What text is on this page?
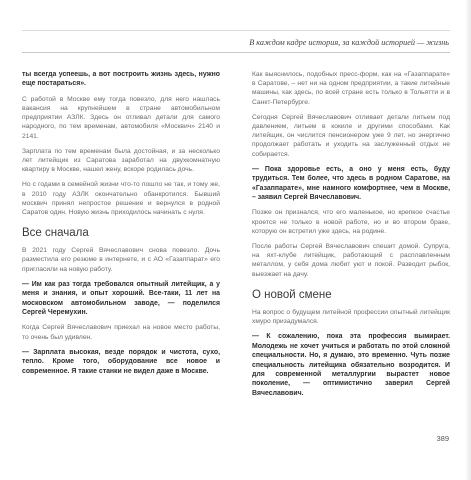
В каждом кадре история, за каждой историей — жизнь

ты всегда успеешь, а вот построить жизнь здесь, нужно еще постараться».

С работой в Москве ему тогда повезло, для него нашлась вакансия на крупнейшем в стране автомобильном предприятии АЗЛК. Здесь он отливал детали для самого народного, по тем временам, автомобиля «Москвич» 2140 и 2141.

Зарплата по тем временам была достойная, и за несколько лет литейщик из Саратова заработал на двухкомнатную квартиру в Москве, нашел жену, вскоре родилась дочь.

Но с годами в семейной жизни что-то пошло не так, и тому же, в 2010 году АЗЛК окончательно обанкротился. Бывший москвич принял непростое решение и вернулся в родной Саратов один. Новую жизнь приходилось начинать с нуля.

Все сначала

В 2021 году Сергей Вячеславович снова повезло. Дочь разместила его резюме в интернете, и с АО «Газаппарат» его пригласили на новую работу.

— Им как раз тогда требовался опытный литейщик, а у меня и знания, и опыт хороший. Все-таки, 11 лет на московском автомобильном заводе, — поделился Сергей Черемухин.

Когда Сергей Вячеславович приехал на новое место работы, то очень был удивлен.

— Зарплата высокая, везде порядок и чистота, сухо, тепло. Кроме того, оборудование все новое и современное. Я такие станки не видел даже в Москве.

Как выяснилось, подобных пресс-форм, как на «Газаппарате» в Саратове, – нет ни на одном предприятии, а такие литейные машины, как здесь, по всей стране есть только в Тольятти и в Санкт-Петербурге.

Сегодня Сергей Вячеславович отливает детали литьем под давлением, литьем в кокиле и другими способами. Как литейщик, он числится пенсионером уже 9 лет, но энергично продолжает работать и уходить на заслуженный отдых не собирается.

— Пока здоровье есть, а оно у меня есть, буду трудиться. Тем более, что здесь в родном Саратове, на «Газаппарате», мне намного комфортнее, чем в Москве, – заявил Сергей Вячеславович.

Позже он признался, что его маленькое, но крепкое счастье кроется не только в новой работе, но и во втором браке, которую он встретил уже здесь, на родине.

После работы Сергей Вячеславович спешит домой. Супруга, на яхт-клубе литейщик, работающий с расплавленным металлом, у себя дома любит уют и покой. Разводит рыбок, выезжает на дачу.

О новой смене

На вопрос о будущем литейной профессии опытный литейщик хмуро призадумался.

— К сожалению, пока эта профессия вымирает. Молодежь не хочет учиться и работать по этой сложной специальности. Но, я думаю, это временно. Чуть позже специальность литейщика обязательно возродится. И для современной металлургии вырастет новое поколение, — оптимистично заверил Сергей Вячеславович.

389
